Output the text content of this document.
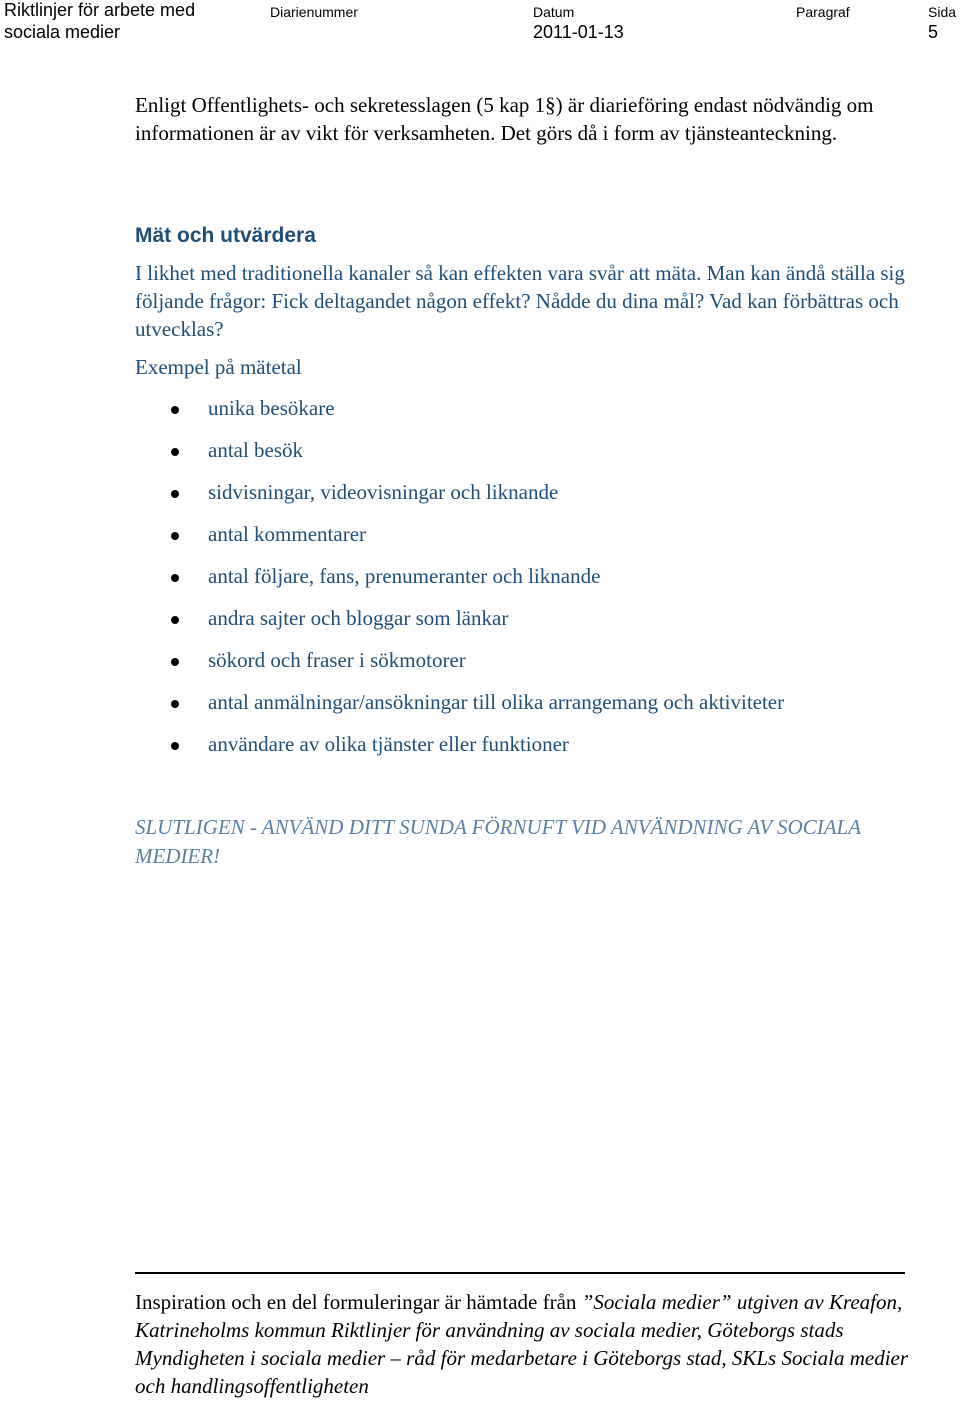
Riktlinjer för arbete med
sociala medier
Diarienummer	Datum
2011-01-13
Paragraf	Sida
5

Enligt Offentlighets- och sekretesslagen (5 kap 1§) är diarieföring endast nödvändig om informationen är av vikt för verksamheten. Det görs då i form av tjänsteanteckning.

Mät och utvärdera

I likhet med traditionella kanaler så kan effekten vara svår att mäta. Man kan ändå ställa sig följande frågor: Fick deltagandet någon effekt? Nådde du dina mål? Vad kan förbättras och utvecklas?

Exempel på mätetal

unika besökare
antal besök
sidvisningar, videovisningar och liknande
antal kommentarer
antal följare, fans, prenumeranter och liknande
andra sajter och bloggar som länkar
sökord och fraser i sökmotorer
antal anmälningar/ansökningar till olika arrangemang och aktiviteter
användare av olika tjänster eller funktioner

SLUTLIGEN - ANVÄND DITT SUNDA FÖRNUFT VID ANVÄNDNING AV SOCIALA MEDIER!

Inspiration och en del formuleringar är hämtade från ”Sociala medier” utgiven av Kreafon, Katrineholms kommun Riktlinjer för användning av sociala medier, Göteborgs stads Myndigheten i sociala medier – råd för medarbetare i Göteborgs stad, SKLs Sociala medier och handlingsoffentligheten
